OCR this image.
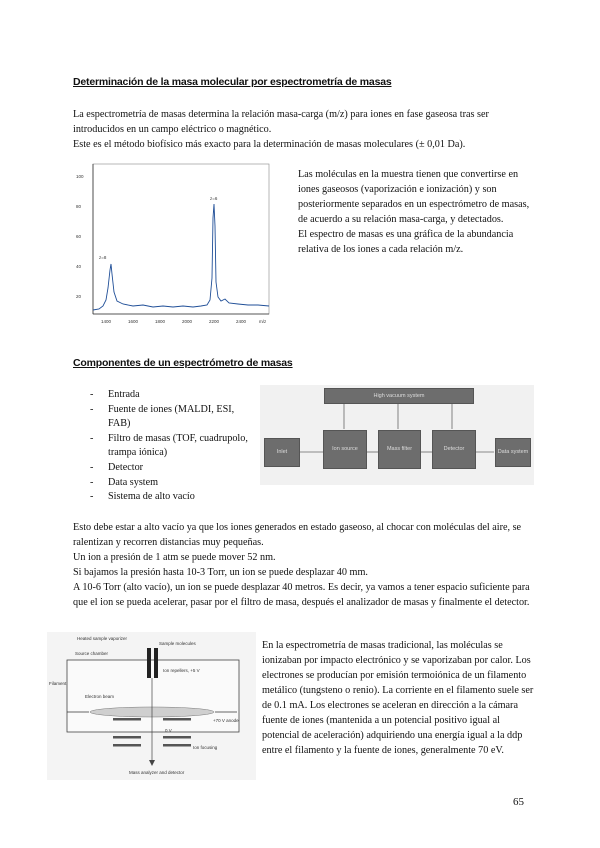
Determinación de la masa molecular por espectrometría de masas

La espectrometría de masas determina la relación masa-carga (m/z) para iones en fase gaseosa tras ser introducidos en un campo eléctrico o magnético.

Este es el método biofísico más exacto para la determinación de masas moleculares (± 0,01 Da).

100
80
60
40
20
z=8
z=6
1400	1600	1800	2000	2200	2400	m/z

Las moléculas en la muestra tienen que convertirse en iones gaseosos (vaporización e ionización) y son posteriormente separados en un espectrómetro de masas, de acuerdo a su relación masa-carga, y detectados.

El espectro de masas es una gráfica de la abundancia relativa de los iones a cada relación m/z.

Componentes de un espectrómetro de masas
- Entrada
- Fuente de iones (MALDI, ESI, FAB)
- Filtro de masas (TOF, cuadrupolo, trampa iónica)
- Detector
- Data system
- Sistema de alto vacío
High vacuum system
Inlet	Ion source	Mass filter	Detector	Data system

Esto debe estar a alto vacío ya que los iones generados en estado gaseoso, al chocar con moléculas del aire, se ralentizan y recorren distancias muy pequeñas.

Un ion a presión de 1 atm se puede mover 52 nm.

Si bajamos la presión hasta 10-3 Torr, un ion se puede desplazar 40 mm.

A 10-6 Torr (alto vacío), un ion se puede desplazar 40 metros. Es decir, ya vamos a tener espacio suficiente para que el ion se pueda acelerar, pasar por el filtro de masa, después el analizador de masas y finalmente el detector.

Heated sample vaporizer
Sample molecules
Source chamber
Ion repellers, +5 V
Filament
Electron beam
+70 V anode
0 V
Ion focusing
Mass analyzer and detector
En la espectrometría de masas tradicional, las moléculas se ionizaban por impacto electrónico y se vaporizaban por calor. Los electrones se producían por emisión termoiónica de un filamento metálico (tungsteno o renio). La corriente en el filamento suele ser de 0.1 mA. Los electrones se aceleran en dirección a la cámara fuente de iones (mantenida a un potencial positivo igual al potencial de aceleración) adquiriendo una energía igual a la ddp entre el filamento y la fuente de iones, generalmente 70 eV.
65
